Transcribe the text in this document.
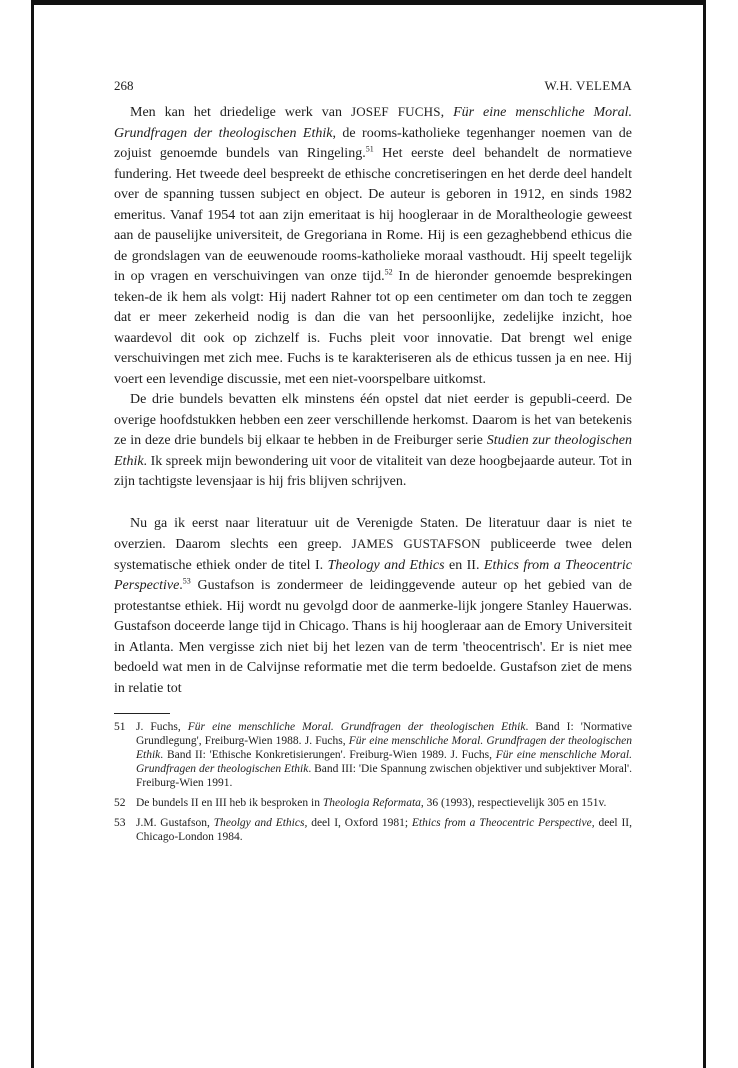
268	W.H. VELEMA

Men kan het driedelige werk van JOSEF FUCHS, Für eine menschliche Moral. Grundfragen der theologischen Ethik, de rooms-katholieke tegenhanger noemen van de zojuist genoemde bundels van Ringeling.$^{51}$ Het eerste deel behandelt de normatieve fundering. Het tweede deel bespreekt de ethische concretiseringen en het derde deel handelt over de spanning tussen subject en object. De auteur is geboren in 1912, en sinds 1982 emeritus. Vanaf 1954 tot aan zijn emeritaat is hij hoogleraar in de Moraltheologie geweest aan de pauselijke universiteit, de Gregoriana in Rome. Hij is een gezaghebbend ethicus die de grondslagen van de eeuwenoude rooms-katholieke moraal vasthoudt. Hij speelt tegelijk in op vragen en verschuivingen van onze tijd.$^{52}$ In de hieronder genoemde besprekingen teken-de ik hem als volgt: Hij nadert Rahner tot op een centimeter om dan toch te zeggen dat er meer zekerheid nodig is dan die van het persoonlijke, zedelijke inzicht, hoe waardevol dit ook op zichzelf is. Fuchs pleit voor innovatie. Dat brengt wel enige verschuivingen met zich mee. Fuchs is te karakteriseren als de ethicus tussen ja en nee. Hij voert een levendige discussie, met een niet-voorspelbare uitkomst.

De drie bundels bevatten elk minstens één opstel dat niet eerder is gepubli-ceerd. De overige hoofdstukken hebben een zeer verschillende herkomst. Daarom is het van betekenis ze in deze drie bundels bij elkaar te hebben in de Freiburger serie Studien zur theologischen Ethik. Ik spreek mijn bewondering uit voor de vitaliteit van deze hoogbejaarde auteur. Tot in zijn tachtigste levensjaar is hij fris blijven schrijven.

Nu ga ik eerst naar literatuur uit de Verenigde Staten. De literatuur daar is niet te overzien. Daarom slechts een greep. JAMES GUSTAFSON publiceerde twee delen systematische ethiek onder de titel I. Theology and Ethics en II. Ethics from a Theocentric Perspective.$^{53}$ Gustafson is zondermeer de leidinggevende auteur op het gebied van de protestantse ethiek. Hij wordt nu gevolgd door de aanmerke-lijk jongere Stanley Hauerwas. Gustafson doceerde lange tijd in Chicago. Thans is hij hoogleraar aan de Emory Universiteit in Atlanta. Men vergisse zich niet bij het lezen van de term 'theocentrisch'. Er is niet mee bedoeld wat men in de Calvijnse reformatie met die term bedoelde. Gustafson ziet de mens in relatie tot

51 J. Fuchs, Für eine menschliche Moral. Grundfragen der theologischen Ethik. Band I: 'Normative Grundlegung', Freiburg-Wien 1988. J. Fuchs, Für eine menschliche Moral. Grundfragen der theologischen Ethik. Band II: 'Ethische Konkretisierungen'. Freiburg-Wien 1989. J. Fuchs, Für eine menschliche Moral. Grundfragen der theologischen Ethik. Band III: 'Die Spannung zwischen objektiver und subjektiver Moral'. Freiburg-Wien 1991.
52 De bundels II en III heb ik besproken in Theologia Reformata, 36 (1993), respectievelijk 305 en 151v.
53 J.M. Gustafson, Theolgy and Ethics, deel I, Oxford 1981; Ethics from a Theocentric Perspective, deel II, Chicago-London 1984.
